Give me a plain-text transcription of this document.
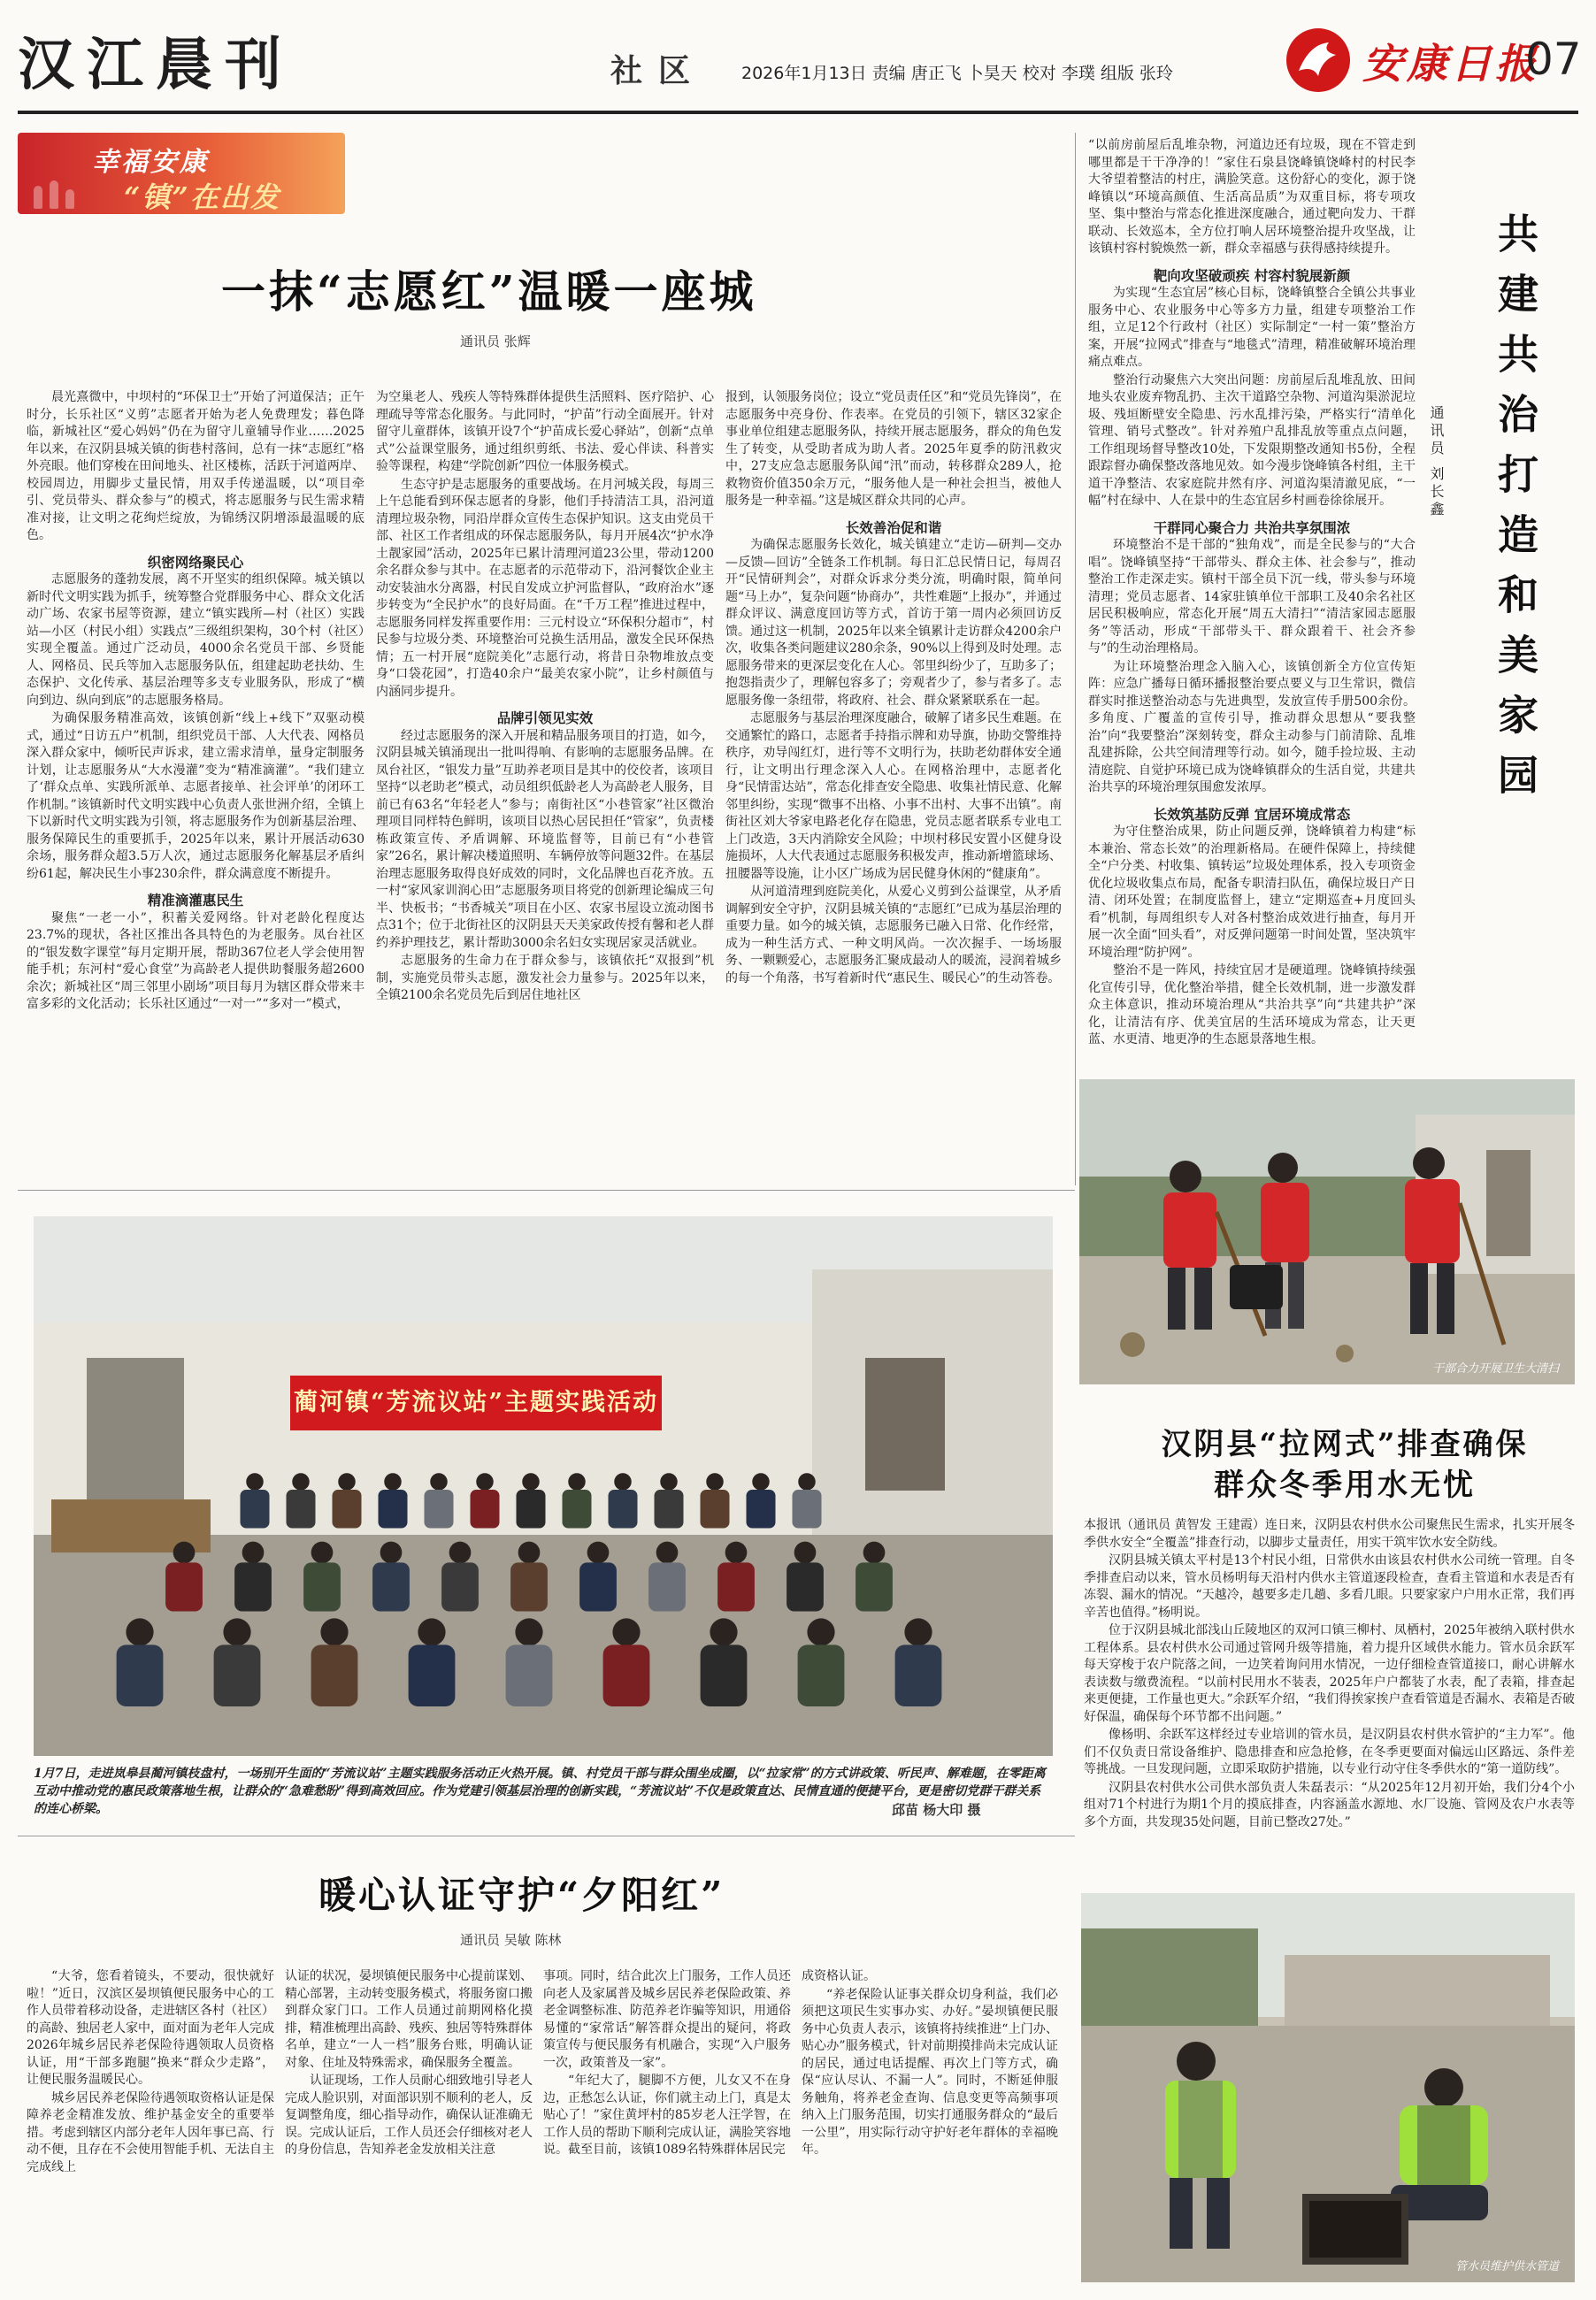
汉江晨刊	社区 2026年1月13日 责编 唐正飞 卜昊天 校对 李璞 组版 张玲	安康日报
07
幸福安康
“镇”在出发
一抹“志愿红”温暖一座城
通讯员 张辉

晨光熹微中，中坝村的“环保卫士”开始了河道保洁；正午时分，长乐社区“义剪”志愿者开始为老人免费理发；暮色降临，新城社区“爱心妈妈”仍在为留守儿童辅导作业……2025年以来，在汉阴县城关镇的街巷村落间，总有一抹“志愿红”格外亮眼。他们穿梭在田间地头、社区楼栋，活跃于河道两岸、校园周边，用脚步丈量民情，用双手传递温暖，以“项目牵引、党员带头、群众参与”的模式，将志愿服务与民生需求精准对接，让文明之花绚烂绽放，为锦绣汉阴增添最温暖的底色。

织密网络聚民心

志愿服务的蓬勃发展，离不开坚实的组织保障。城关镇以新时代文明实践为抓手，统筹整合党群服务中心、群众文化活动广场、农家书屋等资源，建立“镇实践所—村（社区）实践站—小区（村民小组）实践点”三级组织架构，30个村（社区）实现全覆盖。通过广泛动员，4000余名党员干部、乡贤能人、网格员、民兵等加入志愿服务队伍，组建起助老扶幼、生态保护、文化传承、基层治理等多支专业服务队，形成了“横向到边、纵向到底”的志愿服务格局。

为确保服务精准高效，该镇创新“线上+线下”双驱动模式，通过“日访五户”机制，组织党员干部、人大代表、网格员深入群众家中，倾听民声诉求，建立需求清单，量身定制服务计划，让志愿服务从“大水漫灌”变为“精准滴灌”。“我们建立了‘群众点单、实践所派单、志愿者接单、社会评单’的闭环工作机制。”该镇新时代文明实践中心负责人张世洲介绍，全镇上下以新时代文明实践为引领，将志愿服务作为创新基层治理、服务保障民生的重要抓手，2025年以来，累计开展活动630余场，服务群众超3.5万人次，通过志愿服务化解基层矛盾纠纷61起，解决民生小事230余件，群众满意度不断提升。

精准滴灌惠民生

聚焦“一老一小”，积蓄关爱网络。针对老龄化程度达23.7%的现状，各社区推出各具特色的为老服务。凤台社区的“银发数字课堂”每月定期开展，帮助367位老人学会使用智能手机；东河村“爱心食堂”为高龄老人提供助餐服务超2600余次；新城社区“周三邻里小剧场”项目每月为辖区群众带来丰富多彩的文化活动；长乐社区通过“一对一”“多对一”模式，

为空巢老人、残疾人等特殊群体提供生活照料、医疗陪护、心理疏导等常态化服务。与此同时，“护苗”行动全面展开。针对留守儿童群体，该镇开设7个“护苗成长爱心驿站”，创新“点单式”公益课堂服务，通过组织剪纸、书法、爱心伴读、科普实验等课程，构建“学院创新”四位一体服务模式。

生态守护是志愿服务的重要战场。在月河城关段，每周三上午总能看到环保志愿者的身影，他们手持清洁工具，沿河道清理垃圾杂物，同沿岸群众宣传生态保护知识。这支由党员干部、社区工作者组成的环保志愿服务队，每月开展4次“护水净土靓家园”活动，2025年已累计清理河道23公里，带动1200余名群众参与其中。在志愿者的示范带动下，沿河餐饮企业主动安装油水分离器，村民自发成立护河监督队，“政府治水”逐步转变为“全民护水”的良好局面。在“千万工程”推进过程中，志愿服务同样发挥重要作用：三元村设立“环保积分超市”，村民参与垃圾分类、环境整治可兑换生活用品，激发全民环保热情；五一村开展“庭院美化”志愿行动，将昔日杂物堆放点变身“口袋花园”，打造40余户“最美农家小院”，让乡村颜值与内涵同步提升。

品牌引领见实效

经过志愿服务的深入开展和精品服务项目的打造，如今，汉阴县城关镇涌现出一批叫得响、有影响的志愿服务品牌。在凤台社区，“银发力量”互助养老项目是其中的佼佼者，该项目坚持“以老助老”模式，动员组织低龄老人为高龄老人服务，目前已有63名“年轻老人”参与；南街社区“小巷管家”社区微治理项目同样特色鲜明，该项目以热心居民担任“管家”，负责楼栋政策宣传、矛盾调解、环境监督等，目前已有“小巷管家”26名，累计解决楼道照明、车辆停放等问题32件。在基层治理志愿服务取得良好成效的同时，文化品牌也百花齐放。五一村“家风家训润心田”志愿服务项目将党的创新理论编成三句半、快板书；“书香城关”项目在小区、农家书屋设立流动图书点31个；位于北街社区的汉阴县天天美家政传授有馨和老人群约养护理技艺，累计帮助3000余名妇女实现居家灵活就业。

志愿服务的生命力在于群众参与，该镇依托“双报到”机制，实施党员带头志愿，激发社会力量参与。2025年以来，全镇2100余名党员先后到居住地社区

报到，认领服务岗位；设立“党员责任区”和“党员先锋岗”，在志愿服务中亮身份、作表率。在党员的引领下，辖区32家企事业单位组建志愿服务队，持续开展志愿服务，群众的角色发生了转变，从受助者成为助人者。2025年夏季的防汛救灾中，27支应急志愿服务队闻“汛”而动，转移群众289人，抢救物资价值350余万元，“服务他人是一种社会担当，被他人服务是一种幸福。”这是城区群众共同的心声。

长效善治促和谐

为确保志愿服务长效化，城关镇建立“走访—研判—交办—反馈—回访”全链条工作机制。每日汇总民情日记，每周召开“民情研判会”，对群众诉求分类分流，明确时限，简单问题“马上办”，复杂问题“协商办”，共性难题“上报办”，并通过群众评议、满意度回访等方式，首访于第一周内必须回访反馈。通过这一机制，2025年以来全镇累计走访群众4200余户次，收集各类问题建议280余条，90%以上得到及时处理。志愿服务带来的更深层变化在人心。邻里纠纷少了，互助多了；抱怨指责少了，理解包容多了；旁观者少了，参与者多了。志愿服务像一条纽带，将政府、社会、群众紧紧联系在一起。

志愿服务与基层治理深度融合，破解了诸多民生难题。在交通繁忙的路口，志愿者手持指示牌和劝导旗，协助交警维持秩序，劝导闯红灯，进行等不文明行为，扶助老幼群体安全通行，让文明出行理念深入人心。在网格治理中，志愿者化身“民情雷达站”，常态化排查安全隐患、收集社情民意、化解邻里纠纷，实现“微事不出格、小事不出村、大事不出镇”。南街社区刘大爷家电路老化存在隐患，党员志愿者联系专业电工上门改造，3天内消除安全风险；中坝村移民安置小区健身设施损坏，人大代表通过志愿服务积极发声，推动新增篮球场、扭腰器等设施，让小区广场成为居民健身休闲的“健康角”。

从河道清理到庭院美化，从爱心义剪到公益课堂，从矛盾调解到安全守护，汉阴县城关镇的“志愿红”已成为基层治理的重要力量。如今的城关镇，志愿服务已融入日常、化作经常，成为一种生活方式、一种文明风尚。一次次握手、一场场服务、一颗颗爱心，志愿服务汇聚成最动人的暖流，浸润着城乡的每一个角落，书写着新时代“惠民生、暖民心”的生动答卷。

“以前房前屋后乱堆杂物，河道边还有垃圾，现在不管走到哪里都是干干净净的！”家住石泉县饶峰镇饶峰村的村民李大爷望着整洁的村庄，满脸笑意。这份舒心的变化，源于饶峰镇以“环境高颜值、生活高品质”为双重目标，将专项攻坚、集中整治与常态化推进深度融合，通过靶向发力、干群联动、长效巡本，全方位打响人居环境整治提升攻坚战，让该镇村容村貌焕然一新，群众幸福感与获得感持续提升。

靶向攻坚破顽疾 村容村貌展新颜

为实现“生态宜居”核心目标，饶峰镇整合全镇公共事业服务中心、农业服务中心等多方力量，组建专项整治工作组，立足12个行政村（社区）实际制定“一村一策”整治方案，开展“拉网式”排查与“地毯式”清理，精准破解环境治理痛点难点。

整治行动聚焦六大突出问题：房前屋后乱堆乱放、田间地头农业废弃物乱扔、主次干道路空杂物、河道沟渠淤泥垃圾、残垣断壁安全隐患、污水乱排污染，严格实行“清单化管理、销号式整改”。针对养殖户乱排乱放等重点点问题，工作组现场督导整改10处，下发限期整改通知书5份，全程跟踪督办确保整改落地见效。如今漫步饶峰镇各村组，主干道干净整洁、农家庭院井然有序、河道沟渠清澈见底，“一幅”村在绿中、人在景中的生态宜居乡村画卷徐徐展开。

干群同心聚合力 共治共享氛围浓

环境整治不是干部的“独角戏”，而是全民参与的“大合唱”。饶峰镇坚持“干部带头、群众主体、社会参与”，推动整治工作走深走实。镇村干部全员下沉一线，带头参与环境清理；党员志愿者、14家驻镇单位干部职工及40余名社区居民积极响应，常态化开展“周五大清扫”“清洁家园志愿服务”等活动，形成“干部带头干、群众跟着干、社会齐参与”的生动治理格局。

为让环境整治理念入脑入心，该镇创新全方位宣传矩阵：应急广播每日循环播报整治要点要义与卫生常识，微信群实时推送整治动态与先进典型，发放宣传手册500余份。多角度、广覆盖的宣传引导，推动群众思想从“要我整治”向“我要整治”深刻转变，群众主动参与门前清除、乱堆乱建拆除，公共空间清理等行动。如今，随手捡垃圾、主动清庭院、自觉护环境已成为饶峰镇群众的生活自觉，共建共治共享的环境治理氛围愈发浓厚。

长效筑基防反弹 宜居环境成常态

为守住整治成果，防止问题反弹，饶峰镇着力构建“标本兼治、常态长效”的治理新格局。在硬件保障上，持续健全“户分类、村收集、镇转运”垃圾处理体系，投入专项资金优化垃圾收集点布局，配备专职清扫队伍，确保垃圾日产日清、闭环处置；在制度监督上，建立“定期巡查+月度回头看”机制，每周组织专人对各村整治成效进行抽查，每月开展一次全面“回头看”，对反弹问题第一时间处置，坚决筑牢环境治理“防护网”。

整治不是一阵风，持续宜居才是硬道理。饶峰镇持续强化宣传引导，优化整治举措，健全长效机制，进一步激发群众主体意识，推动环境治理从“共治共享”向“共建共护”深化，让清洁有序、优美宜居的生活环境成为常态，让天更蓝、水更清、地更净的生态愿景落地生根。

共建共治打造和美家园
通讯员 刘长鑫
干部合力开展卫生大清扫
汉阴县“拉网式”排查确保群众冬季用水无忧

本报讯（通讯员 黄智发 王建霞）连日来，汉阴县农村供水公司聚焦民生需求，扎实开展冬季供水安全“全覆盖”排查行动，以脚步丈量责任，用实干筑牢饮水安全防线。

汉阴县城关镇太平村是13个村民小组，日常供水由该县农村供水公司统一管理。自冬季排查启动以来，管水员杨明每天沿村内供水主管道逐段检查，查看主管道和水表是否有冻裂、漏水的情况。“天越冷，越要多走几趟、多看几眼。只要家家户户用水正常，我们再辛苦也值得。”杨明说。

位于汉阴县城北部浅山丘陵地区的双河口镇三柳村、凤栖村，2025年被纳入联村供水工程体系。县农村供水公司通过管网升级等措施，着力提升区域供水能力。管水员余跃军每天穿梭于农户院落之间，一边笑着询问用水情况，一边仔细检查管道接口，耐心讲解水表读数与缴费流程。“以前村民用水不装表，2025年户户都装了水表，配了表箱，排查起来更便捷，工作量也更大。”余跃军介绍，“我们得挨家挨户查看管道是否漏水、表箱是否破好保温，确保每个环节都不出问题。”

像杨明、余跃军这样经过专业培训的管水员，是汉阴县农村供水管护的“主力军”。他们不仅负责日常设备维护、隐患排查和应急抢修，在冬季更要面对偏远山区路远、条件差等挑战。一旦发现问题，立即采取防护措施，以专业行动守住冬季供水的“第一道防线”。

汉阴县农村供水公司供水部负责人朱磊表示：“从2025年12月初开始，我们分4个小组对71个村进行为期1个月的摸底排查，内容涵盖水源地、水厂设施、管网及农户水表等多个方面，共发现35处问题，目前已整改27处。”

管水员维护供水管道
蔺河镇“芳流议站”主题实践活动
1月7日，走进岚皋县蔺河镇枝盘村，一场别开生面的“芳流议站”主题实践服务活动正火热开展。镇、村党员干部与群众围坐成圈，以“拉家常”的方式讲政策、听民声、解难题，在零距离互动中推动党的惠民政策落地生根，让群众的“急难愁盼”得到高效回应。作为党建引领基层治理的创新实践，“芳流议站”不仅是政策直达、民情直通的便捷平台，更是密切党群干群关系的连心桥梁。	邱苗 杨大印 摄
暖心认证守护“夕阳红”
通讯员 吴敏 陈林

“大爷，您看着镜头，不要动，很快就好啦！”近日，汉滨区晏坝镇便民服务中心的工作人员带着移动设备，走进辖区各村（社区）的高龄、独居老人家中，面对面为老年人完成2026年城乡居民养老保险待遇领取人员资格认证，用“干部多跑腿”换来“群众少走路”，让便民服务温暖民心。

城乡居民养老保险待遇领取资格认证是保障养老金精准发放、维护基金安全的重要举措。考虑到辖区内部分老年人因年事已高、行动不便，且存在不会使用智能手机、无法自主完成线上

认证的状况，晏坝镇便民服务中心提前谋划、精心部署，主动转变服务模式，将服务窗口搬到群众家门口。工作人员通过前期网格化摸排，精准梳理出高龄、残疾、独居等特殊群体名单，建立“一人一档”服务台账，明确认证对象、住址及特殊需求，确保服务全覆盖。

认证现场，工作人员耐心细致地引导老人完成人脸识别，对面部识别不顺利的老人，反复调整角度，细心指导动作，确保认证准确无误。完成认证后，工作人员还会仔细核对老人的身份信息，告知养老金发放相关注意

事项。同时，结合此次上门服务，工作人员还向老人及家属普及城乡居民养老保险政策、养老金调整标准、防范养老诈骗等知识，用通俗易懂的“家常话”解答群众提出的疑问，将政策宣传与便民服务有机融合，实现“入户服务一次，政策普及一家”。

“年纪大了，腿脚不方便，儿女又不在身边，正愁怎么认证，你们就主动上门，真是太贴心了！”家住黄坪村的85岁老人汪学智，在工作人员的帮助下顺利完成认证，满脸笑容地说。截至目前，该镇1089名特殊群体居民完

成资格认证。

“养老保险认证事关群众切身利益，我们必须把这项民生实事办实、办好。”晏坝镇便民服务中心负责人表示，该镇将持续推进“上门办、贴心办”服务模式，针对前期摸排尚未完成认证的居民，通过电话提醒、再次上门等方式，确保“应认尽认、不漏一人”。同时，不断延伸服务触角，将养老金查询、信息变更等高频事项纳入上门服务范围，切实打通服务群众的“最后一公里”，用实际行动守护好老年群体的幸福晚年。
